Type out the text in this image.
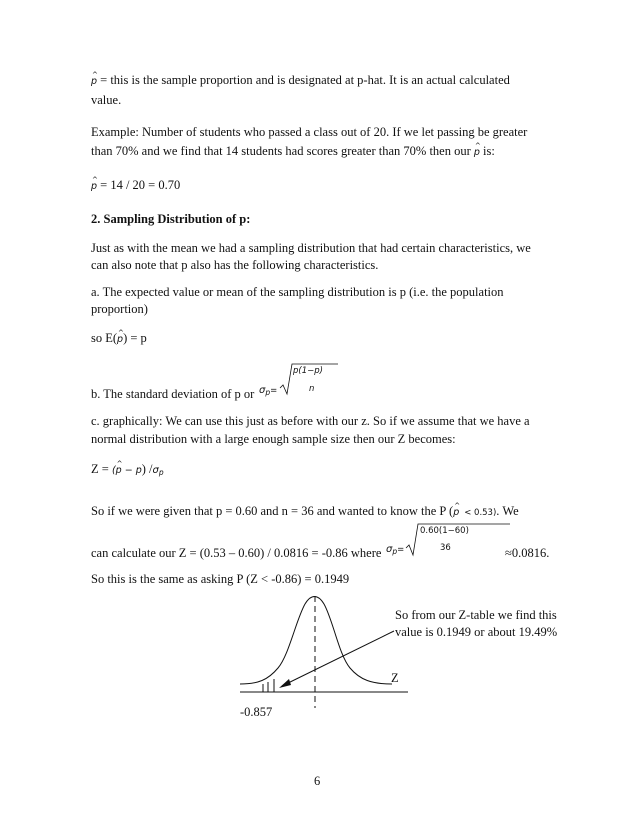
^ p = this is the sample proportion and is designated at p-hat. It is an actual calculated
value.
Example: Number of students who passed a class out of 20. If we let passing be greater
than 70% and we find that 14 students had scores greater than 70% then our ^ p is:
^ p = 14 / 20 = 0.70
2. Sampling Distribution of p:
Just as with the mean we had a sampling distribution that had certain characteristics, we
can also note that p also has the following characteristics.
a. The expected value or mean of the sampling distribution is p (i.e. the population
proportion)
so E(^ p) = p
b. The standard deviation of p or $\sigma_p=$
p(1−p)
n
c. graphically: We can use this just as before with our z. So if we assume that we have a
normal distribution with a large enough sample size then our Z becomes:
Z = (^ p − p) $/\sigma_p$
So if we were given that p = 0.60 and n = 36 and wanted to know the P (^ p < 0.53). We
can calculate our Z = (0.53 – 0.60) / 0.0816 = -0.86 where $\sigma_p=$
0.60(1−60)
36	≈0.0816.
So this is the same as asking P (Z < -0.86) = 0.1949
So from our Z-table we find this
value is 0.1949 or about 19.49%
Z
-0.857
6
